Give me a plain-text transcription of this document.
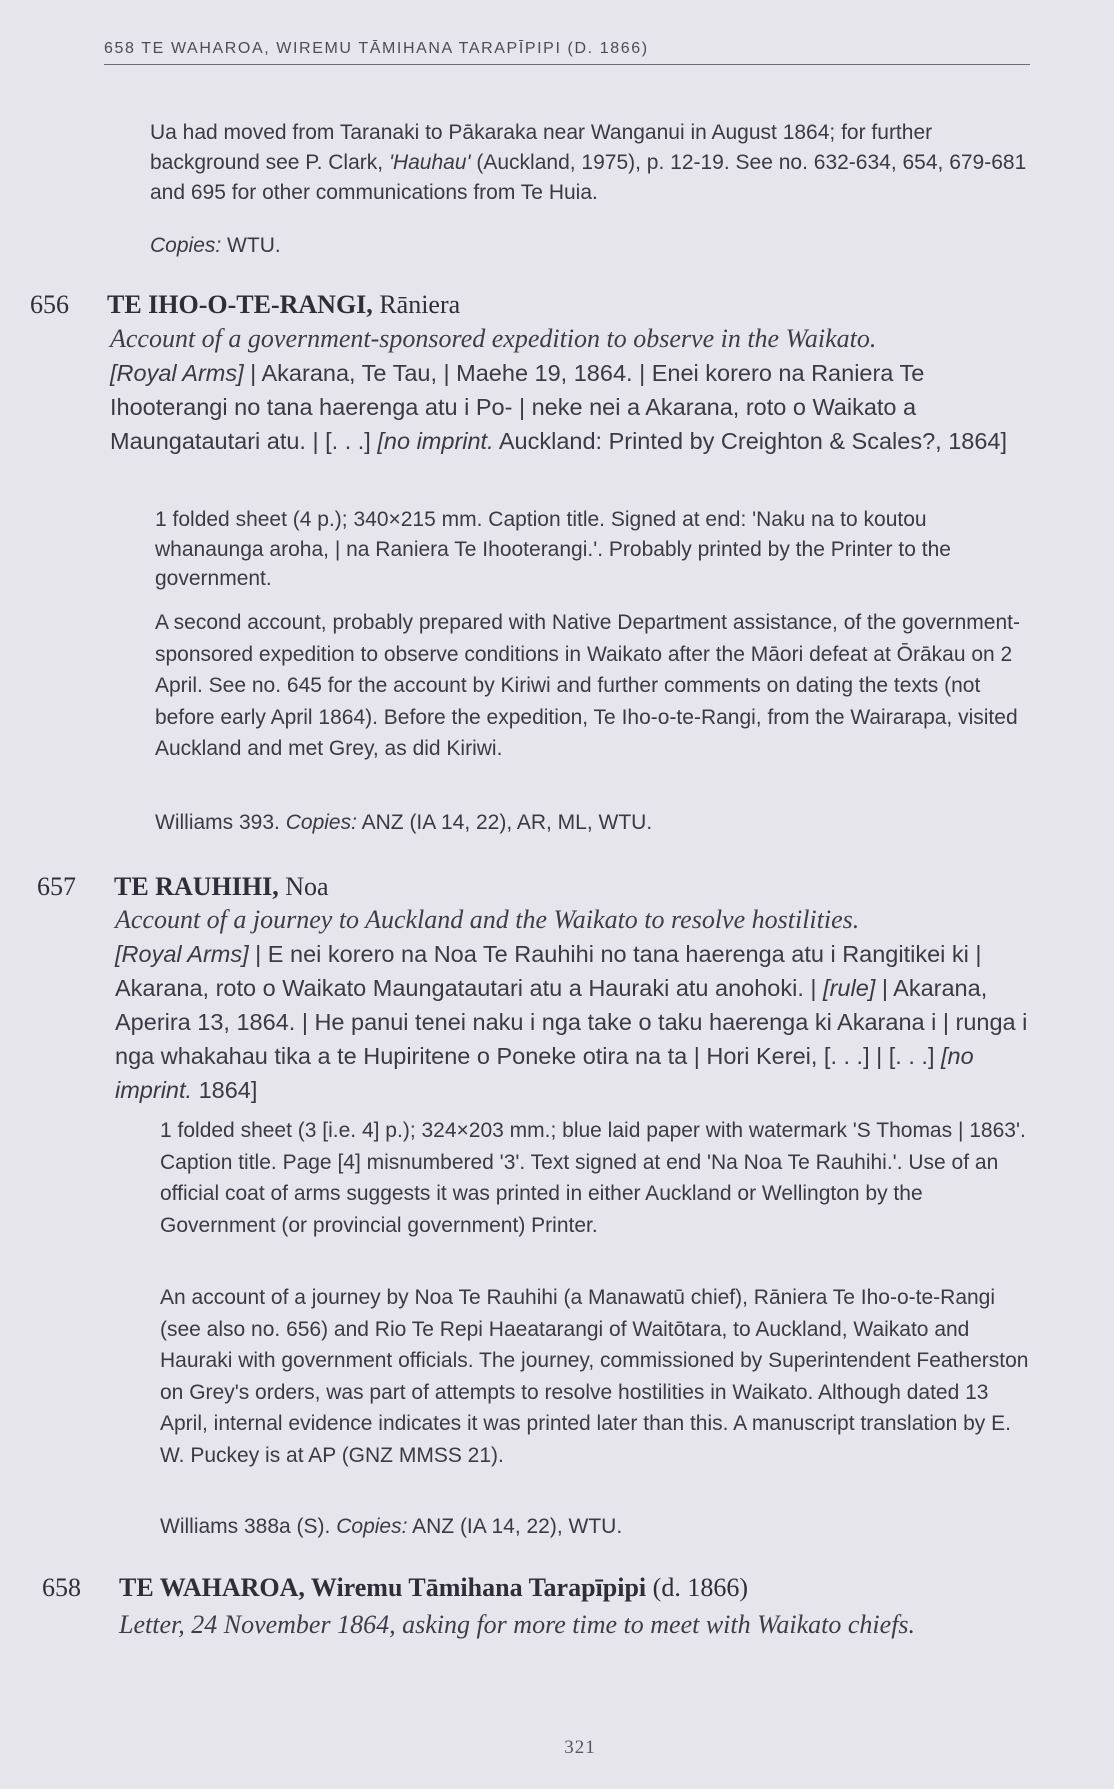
658 TE WAHAROA, WIREMU TĀMIHANA TARAPĪPIPI (D. 1866)

Ua had moved from Taranaki to Pākaraka near Wanganui in August 1864; for further background see P. Clark, 'Hauhau' (Auckland, 1975), p. 12-19. See no. 632-634, 654, 679-681 and 695 for other communications from Te Huia.

Copies: WTU.

656 TE IHO-O-TE-RANGI, Rāniera
Account of a government-sponsored expedition to observe in the Waikato.

[Royal Arms] | Akarana, Te Tau, | Maehe 19, 1864. | Enei korero na Raniera Te Ihooterangi no tana haerenga atu i Po- | neke nei a Akarana, roto o Waikato a Maungatautari atu. | [. . .] [no imprint. Auckland: Printed by Creighton & Scales?, 1864]

1 folded sheet (4 p.); 340×215 mm. Caption title. Signed at end: 'Naku na to koutou whanaunga aroha, | na Raniera Te Ihooterangi.'. Probably printed by the Printer to the government.

A second account, probably prepared with Native Department assistance, of the government-sponsored expedition to observe conditions in Waikato after the Māori defeat at Ōrākau on 2 April. See no. 645 for the account by Kiriwi and further comments on dating the texts (not before early April 1864). Before the expedition, Te Iho-o-te-Rangi, from the Wairarapa, visited Auckland and met Grey, as did Kiriwi.

Williams 393. Copies: ANZ (IA 14, 22), AR, ML, WTU.

657 TE RAUHIHI, Noa
Account of a journey to Auckland and the Waikato to resolve hostilities.

[Royal Arms] | E nei korero na Noa Te Rauhihi no tana haerenga atu i Rangitikei ki | Akarana, roto o Waikato Maungatautari atu a Hauraki atu anohoki. | [rule] | Akarana, Aperira 13, 1864. | He panui tenei naku i nga take o taku haerenga ki Akarana i | runga i nga whakahau tika a te Hupiritene o Poneke otira na ta | Hori Kerei, [. . .] | [. . .] [no imprint. 1864]

1 folded sheet (3 [i.e. 4] p.); 324×203 mm.; blue laid paper with watermark 'S Thomas | 1863'. Caption title. Page [4] misnumbered '3'. Text signed at end 'Na Noa Te Rauhihi.'. Use of an official coat of arms suggests it was printed in either Auckland or Wellington by the Government (or provincial government) Printer.

An account of a journey by Noa Te Rauhihi (a Manawatū chief), Rāniera Te Iho-o-te-Rangi (see also no. 656) and Rio Te Repi Haeatarangi of Waitōtara, to Auckland, Waikato and Hauraki with government officials. The journey, commissioned by Superintendent Featherston on Grey's orders, was part of attempts to resolve hostilities in Waikato. Although dated 13 April, internal evidence indicates it was printed later than this. A manuscript translation by E. W. Puckey is at AP (GNZ MMSS 21).

Williams 388a (S). Copies: ANZ (IA 14, 22), WTU.

658 TE WAHAROA, Wiremu Tāmihana Tarapīpipi (d. 1866)
Letter, 24 November 1864, asking for more time to meet with Waikato chiefs.
321
